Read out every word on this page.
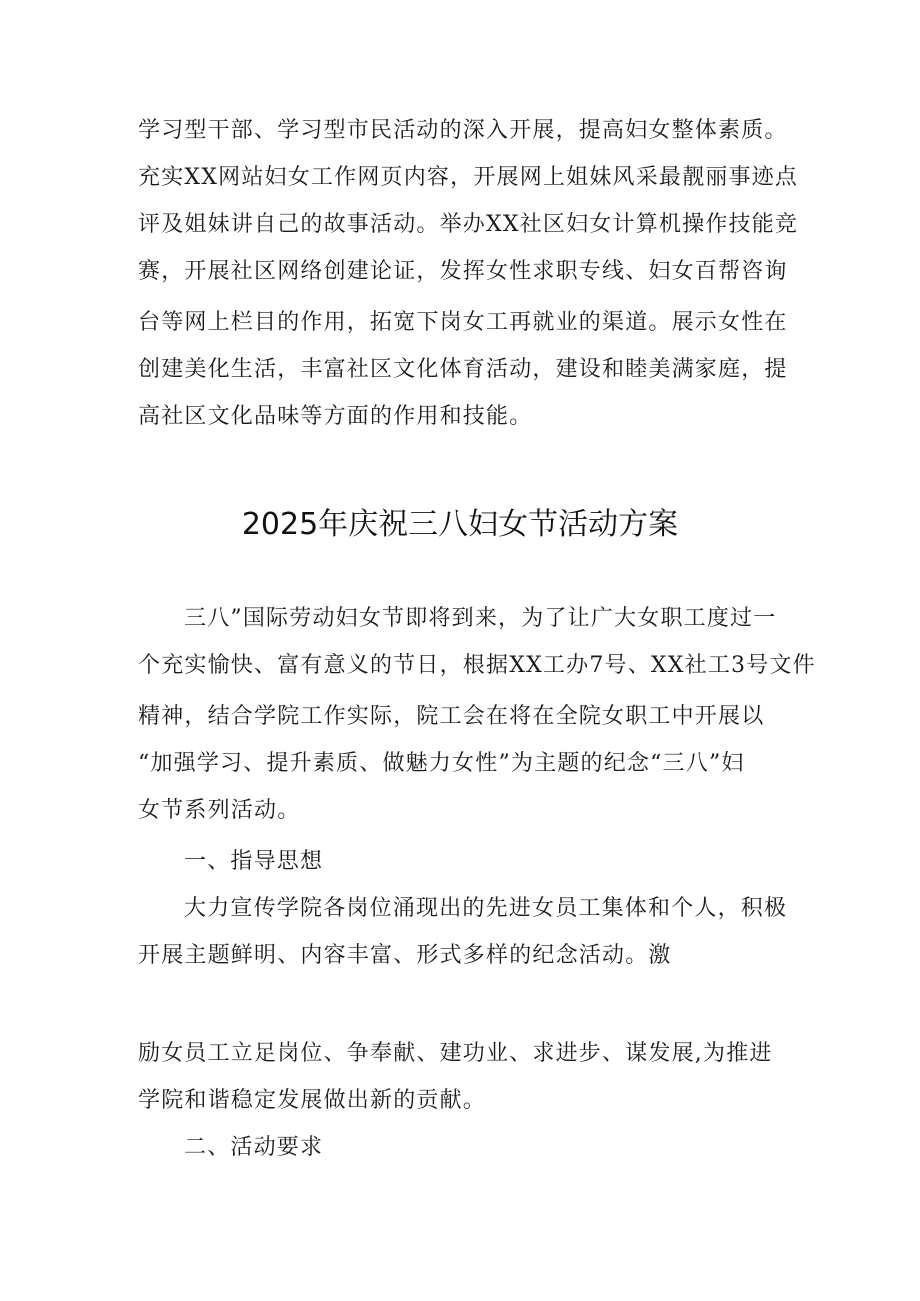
学习型干部、学习型市民活动的深入开展，提高妇女整体素质。
充实XX网站妇女工作网页内容，开展网上姐妹风采最靓丽事迹点
评及姐妹讲自己的故事活动。举办XX社区妇女计算机操作技能竞
赛，开展社区网络创建论证，发挥女性求职专线、妇女百帮咨询
台等网上栏目的作用，拓宽下岗女工再就业的渠道。展示女性在
创建美化生活，丰富社区文化体育活动，建设和睦美满家庭，提
高社区文化品味等方面的作用和技能。
2025年庆祝三八妇女节活动方案
三八”国际劳动妇女节即将到来，为了让广大女职工度过一
个充实愉快、富有意义的节日，根据XX工办7号、XX社工3号文件
精神，结合学院工作实际，院工会在将在全院女职工中开展以
“加强学习、提升素质、做魅力女性”为主题的纪念“三八”妇
女节系列活动。
一、指导思想
大力宣传学院各岗位涌现出的先进女员工集体和个人，积极
开展主题鲜明、内容丰富、形式多样的纪念活动。激
励女员工立足岗位、争奉献、建功业、求进步、谋发展,为推进
学院和谐稳定发展做出新的贡献。
二、活动要求
